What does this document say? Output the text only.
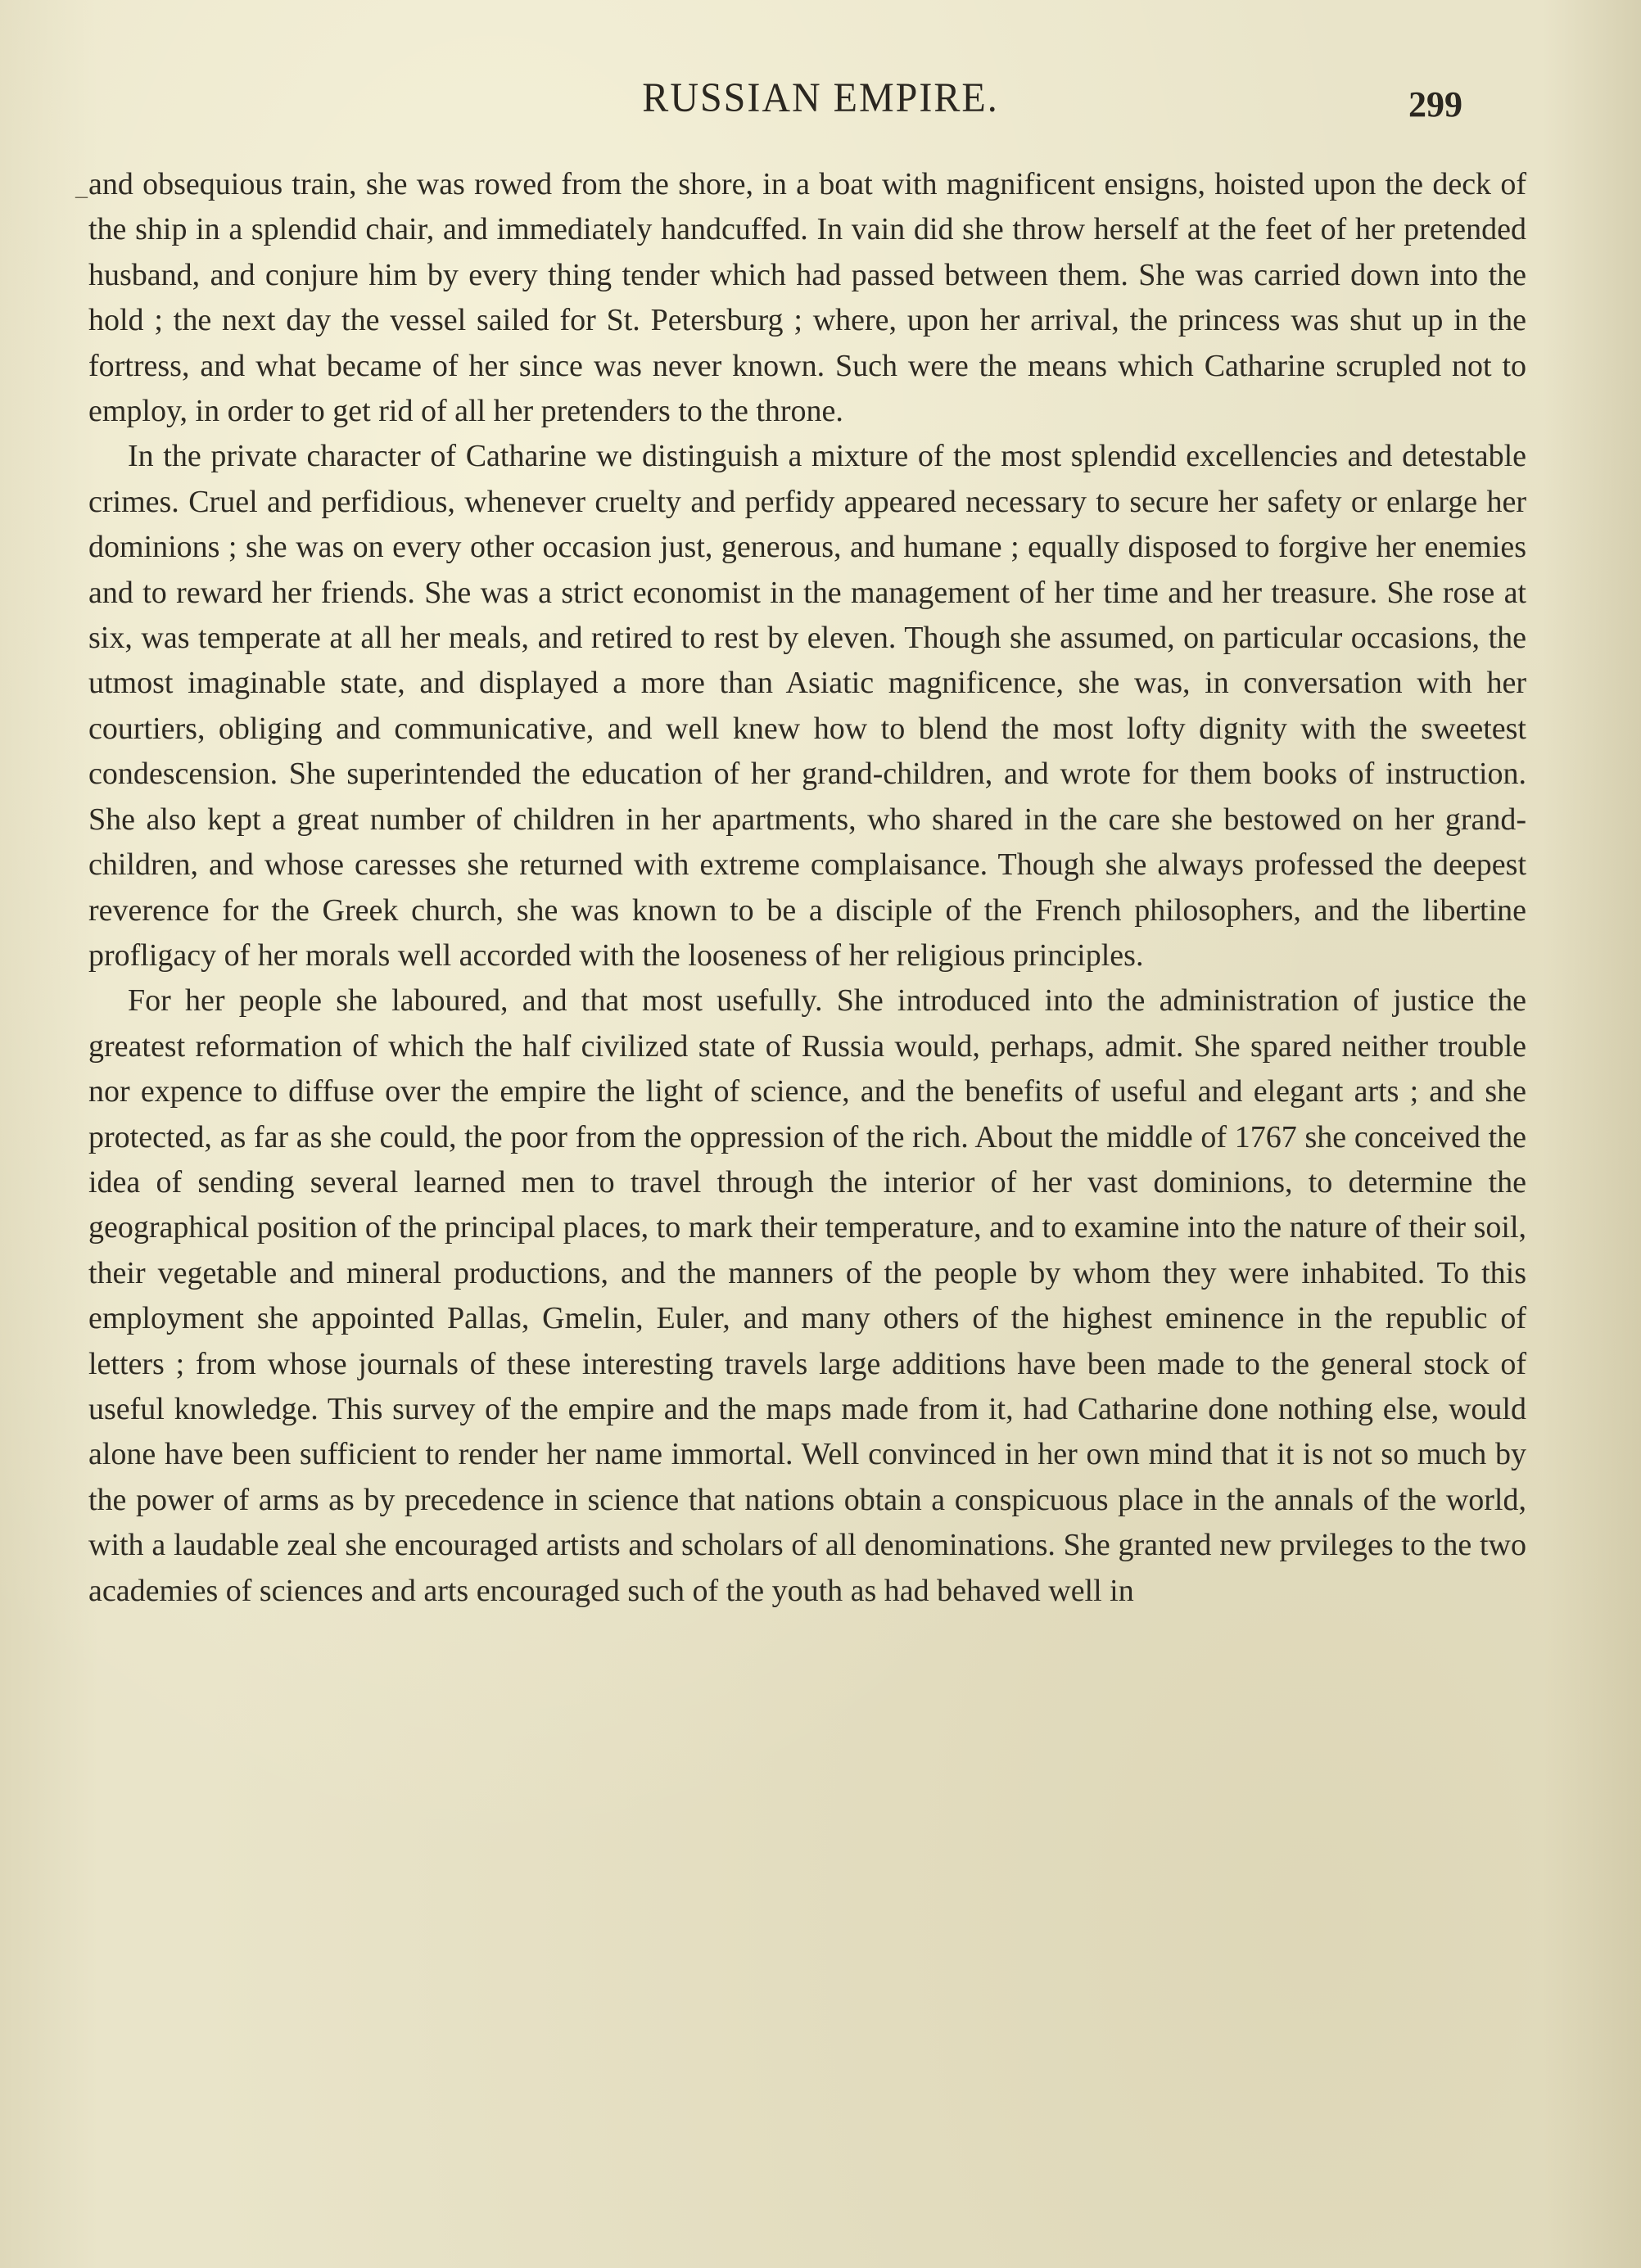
RUSSIAN EMPIRE.	299
– and obsequious train, she was rowed from the shore, in a boat with magnificent ensigns, hoisted upon the deck of the ship in a splendid chair, and immediately handcuffed. In vain did she throw herself at the feet of her pretended husband, and conjure him by every thing tender which had passed between them. She was carried down into the hold ; the next day the vessel sailed for St. Petersburg ; where, upon her arrival, the princess was shut up in the fortress, and what became of her since was never known. Such were the means which Catharine scrupled not to employ, in order to get rid of all her pretenders to the throne.

In the private character of Catharine we distinguish a mixture of the most splendid excellencies and detestable crimes. Cruel and perfidious, whenever cruelty and perfidy appeared necessary to secure her safety or enlarge her dominions ; she was on every other occasion just, generous, and humane ; equally disposed to forgive her enemies and to reward her friends. She was a strict economist in the management of her time and her treasure. She rose at six, was temperate at all her meals, and retired to rest by eleven. Though she assumed, on particular occasions, the utmost imaginable state, and displayed a more than Asiatic magnificence, she was, in conversation with her courtiers, obliging and communicative, and well knew how to blend the most lofty dignity with the sweetest condescension. She superintended the education of her grand-children, and wrote for them books of instruction. She also kept a great number of children in her apartments, who shared in the care she bestowed on her grand-children, and whose caresses she returned with extreme complaisance. Though she always professed the deepest reverence for the Greek church, she was known to be a disciple of the French philosophers, and the libertine profligacy of her morals well accorded with the looseness of her religious principles.

For her people she laboured, and that most usefully. She introduced into the administration of justice the greatest reformation of which the half civilized state of Russia would, perhaps, admit. She spared neither trouble nor expence to diffuse over the empire the light of science, and the benefits of useful and elegant arts ; and she protected, as far as she could, the poor from the oppression of the rich. About the middle of 1767 she conceived the idea of sending several learned men to travel through the interior of her vast dominions, to determine the geographical position of the principal places, to mark their temperature, and to examine into the nature of their soil, their vegetable and mineral productions, and the manners of the people by whom they were inhabited. To this employment she appointed Pallas, Gmelin, Euler, and many others of the highest eminence in the republic of letters ; from whose journals of these interesting travels large additions have been made to the general stock of useful knowledge. This survey of the empire and the maps made from it, had Catharine done nothing else, would alone have been sufficient to render her name immortal. Well convinced in her own mind that it is not so much by the power of arms as by precedence in science that nations obtain a conspicuous place in the annals of the world, with a laudable zeal she encouraged artists and scholars of all denominations. She granted new prvileges to the two academies of sciences and arts encouraged such of the youth as had behaved well in
